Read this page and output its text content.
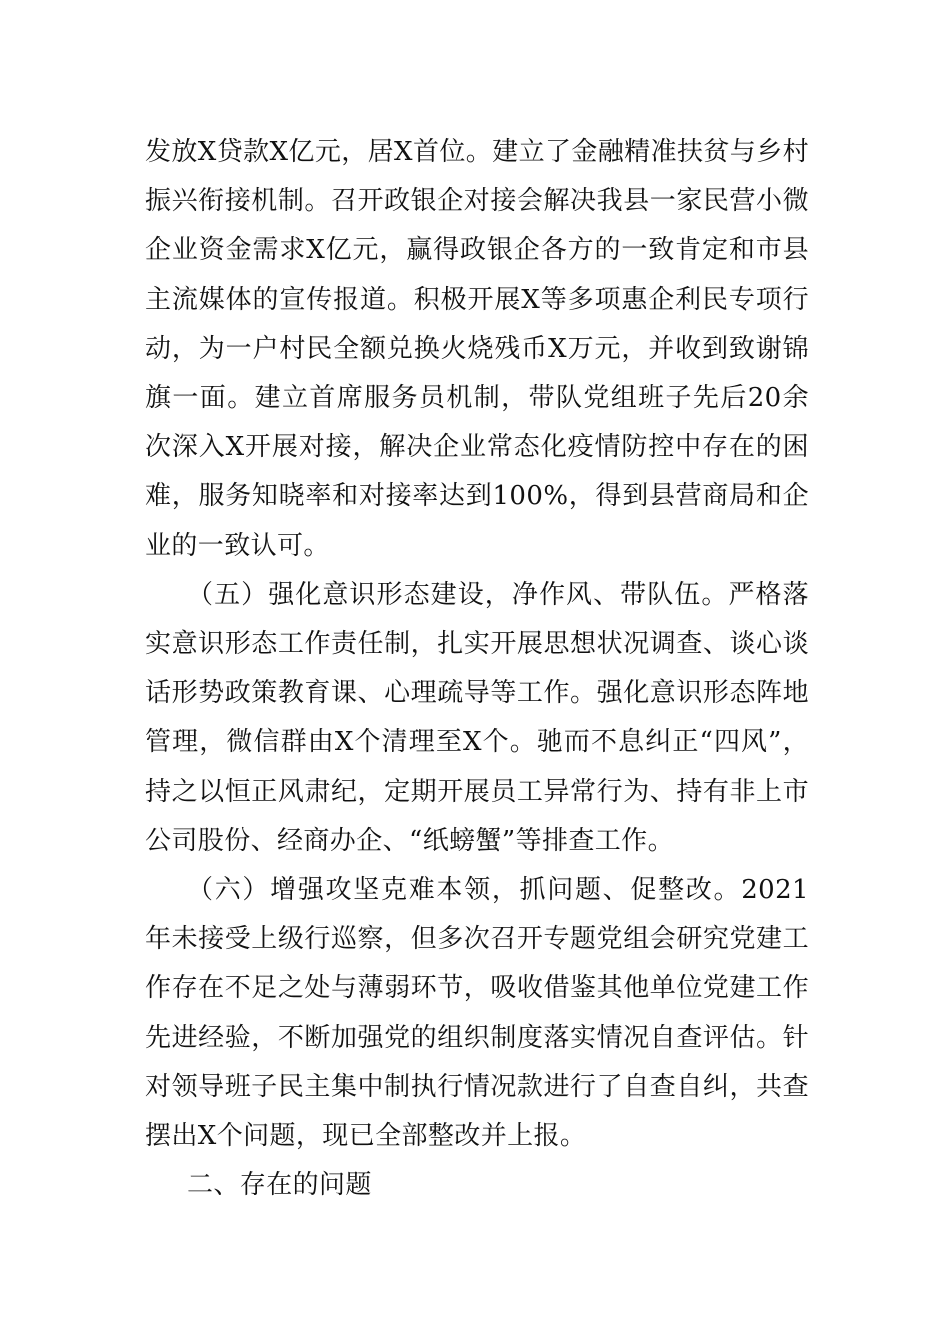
发放X贷款X亿元，居X首位。建立了金融精准扶贫与乡村振兴衔接机制。召开政银企对接会解决我县一家民营小微企业资金需求X亿元，赢得政银企各方的一致肯定和市县主流媒体的宣传报道。积极开展X等多项惠企利民专项行动，为一户村民全额兑换火烧残币X万元，并收到致谢锦旗一面。建立首席服务员机制，带队党组班子先后20余次深入X开展对接，解决企业常态化疫情防控中存在的困难，服务知晓率和对接率达到100%，得到县营商局和企业的一致认可。

（五）强化意识形态建设，净作风、带队伍。严格落实意识形态工作责任制，扎实开展思想状况调查、谈心谈话形势政策教育课、心理疏导等工作。强化意识形态阵地管理，微信群由X个清理至X个。驰而不息纠正“四风”，持之以恒正风肃纪，定期开展员工异常行为、持有非上市公司股份、经商办企、“纸螃蟹”等排查工作。

（六）增强攻坚克难本领，抓问题、促整改。2021年未接受上级行巡察，但多次召开专题党组会研究党建工作存在不足之处与薄弱环节，吸收借鉴其他单位党建工作先进经验，不断加强党的组织制度落实情况自查评估。针对领导班子民主集中制执行情况款进行了自查自纠，共查摆出X个问题，现已全部整改并上报。

二、存在的问题
